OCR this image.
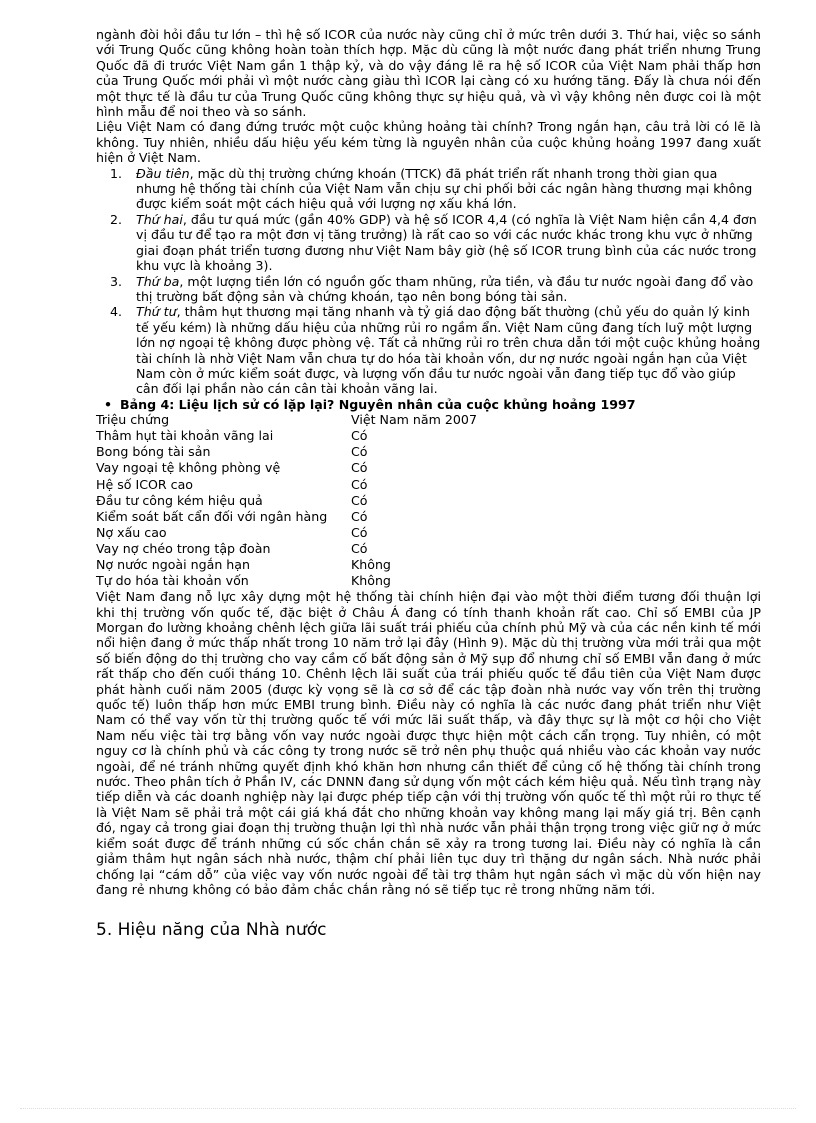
ngành đòi hỏi đầu tư lớn – thì hệ số ICOR của nước này cũng chỉ ở mức trên dưới 3. Thứ hai, việc so sánh với Trung Quốc cũng không hoàn toàn thích hợp. Mặc dù cũng là một nước đang phát triển nhưng Trung Quốc đã đi trước Việt Nam gần 1 thập kỷ, và do vậy đáng lẽ ra hệ số ICOR của Việt Nam phải thấp hơn của Trung Quốc mới phải vì một nước càng giàu thì ICOR lại càng có xu hướng tăng. Đấy là chưa nói đến một thực tế là đầu tư của Trung Quốc cũng không thực sự hiệu quả, và vì vậy không nên được coi là một hình mẫu để noi theo và so sánh.

Liệu Việt Nam có đang đứng trước một cuộc khủng hoảng tài chính? Trong ngắn hạn, câu trả lời có lẽ là không. Tuy nhiên, nhiều dấu hiệu yếu kém từng là nguyên nhân của cuộc khủng hoảng 1997 đang xuất hiện ở Việt Nam.

1. Đầu tiên, mặc dù thị trường chứng khoán (TTCK) đã phát triển rất nhanh trong thời gian qua nhưng hệ thống tài chính của Việt Nam vẫn chịu sự chi phối bởi các ngân hàng thương mại không được kiểm soát một cách hiệu quả với lượng nợ xấu khá lớn.
2. Thứ hai, đầu tư quá mức (gần 40% GDP) và hệ số ICOR 4,4 (có nghĩa là Việt Nam hiện cần 4,4 đơn vị đầu tư để tạo ra một đơn vị tăng trưởng) là rất cao so với các nước khác trong khu vực ở những giai đoạn phát triển tương đương như Việt Nam bây giờ (hệ số ICOR trung bình của các nước trong khu vực là khoảng 3).
3. Thứ ba, một lượng tiền lớn có nguồn gốc tham nhũng, rửa tiền, và đầu tư nước ngoài đang đổ vào thị trường bất động sản và chứng khoán, tạo nên bong bóng tài sản.
4. Thứ tư, thâm hụt thương mại tăng nhanh và tỷ giá dao động bất thường (chủ yếu do quản lý kinh tế yếu kém) là những dấu hiệu của những rủi ro ngầm ẩn. Việt Nam cũng đang tích luỹ một lượng lớn nợ ngoại tệ không được phòng vệ. Tất cả những rủi ro trên chưa dẫn tới một cuộc khủng hoảng tài chính là nhờ Việt Nam vẫn chưa tự do hóa tài khoản vốn, dư nợ nước ngoài ngắn hạn của Việt Nam còn ở mức kiểm soát được, và lượng vốn đầu tư nước ngoài vẫn đang tiếp tục đổ vào giúp cân đối lại phần nào cán cân tài khoản vãng lai.
• Bảng 4: Liệu lịch sử có lặp lại? Nguyên nhân của cuộc khủng hoảng 1997
Triệu chứng	Việt Nam năm 2007
Thâm hụt tài khoản vãng lai	Có
Bong bóng tài sản	Có
Vay ngoại tệ không phòng vệ	Có
Hệ số ICOR cao	Có
Đầu tư công kém hiệu quả	Có
Kiểm soát bất cẩn đối với ngân hàng	Có
Nợ xấu cao	Có
Vay nợ chéo trong tập đoàn	Có
Nợ nước ngoài ngắn hạn	Không
Tự do hóa tài khoản vốn	Không

Việt Nam đang nỗ lực xây dựng một hệ thống tài chính hiện đại vào một thời điểm tương đối thuận lợi khi thị trường vốn quốc tế, đặc biệt ở Châu Á đang có tính thanh khoản rất cao. Chỉ số EMBI của JP Morgan đo lường khoảng chênh lệch giữa lãi suất trái phiếu của chính phủ Mỹ và của các nền kinh tế mới nổi hiện đang ở mức thấp nhất trong 10 năm trở lại đây (Hình 9). Mặc dù thị trường vừa mới trải qua một số biến động do thị trường cho vay cầm cố bất động sản ở Mỹ sụp đổ nhưng chỉ số EMBI vẫn đang ở mức rất thấp cho đến cuối tháng 10. Chênh lệch lãi suất của trái phiếu quốc tế đầu tiên của Việt Nam được phát hành cuối năm 2005 (được kỳ vọng sẽ là cơ sở để các tập đoàn nhà nước vay vốn trên thị trường quốc tế) luôn thấp hơn mức EMBI trung bình. Điều này có nghĩa là các nước đang phát triển như Việt Nam có thể vay vốn từ thị trường quốc tế với mức lãi suất thấp, và đây thực sự là một cơ hội cho Việt Nam nếu việc tài trợ bằng vốn vay nước ngoài được thực hiện một cách cẩn trọng. Tuy nhiên, có một nguy cơ là chính phủ và các công ty trong nước sẽ trở nên phụ thuộc quá nhiều vào các khoản vay nước ngoài, để né tránh những quyết định khó khăn hơn nhưng cần thiết để củng cố hệ thống tài chính trong nước. Theo phân tích ở Phần IV, các DNNN đang sử dụng vốn một cách kém hiệu quả. Nếu tình trạng này tiếp diễn và các doanh nghiệp này lại được phép tiếp cận với thị trường vốn quốc tế thì một rủi ro thực tế là Việt Nam sẽ phải trả một cái giá khá đắt cho những khoản vay không mang lại mấy giá trị. Bên cạnh đó, ngay cả trong giai đoạn thị trường thuận lợi thì nhà nước vẫn phải thận trọng trong việc giữ nợ ở mức kiểm soát được để tránh những cú sốc chắn chắn sẽ xảy ra trong tương lai. Điều này có nghĩa là cần giảm thâm hụt ngân sách nhà nước, thậm chí phải liên tục duy trì thặng dư ngân sách. Nhà nước phải chống lại “cám dỗ” của việc vay vốn nước ngoài để tài trợ thâm hụt ngân sách vì mặc dù vốn hiện nay đang rẻ nhưng không có bảo đảm chắc chắn rằng nó sẽ tiếp tục rẻ trong những năm tới.

5. Hiệu năng của Nhà nước
